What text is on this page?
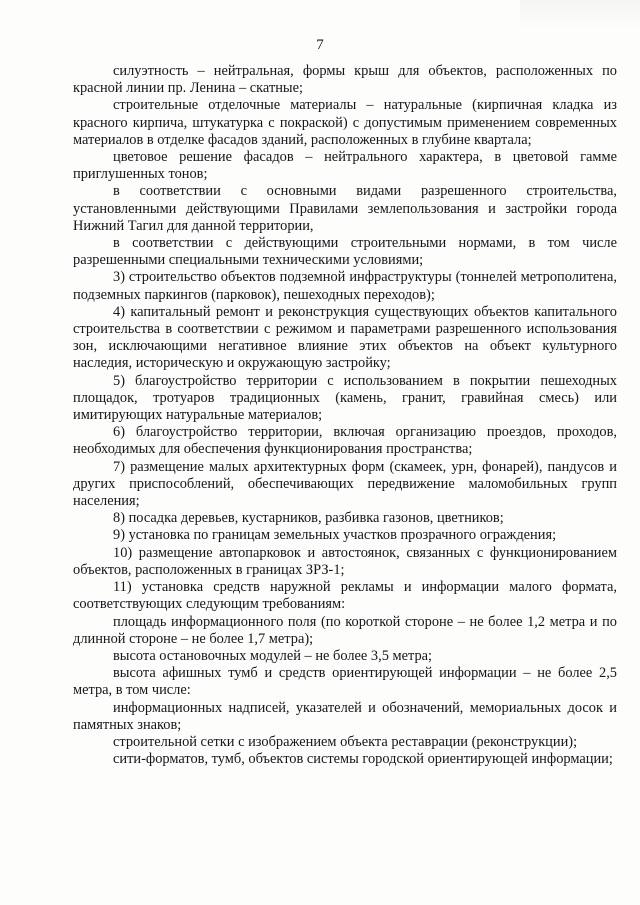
7

силуэтность – нейтральная, формы крыш для объектов, расположенных по красной линии пр. Ленина – скатные;

строительные отделочные материалы – натуральные (кирпичная кладка из красного кирпича, штукатурка с покраской) с допустимым применением современных материалов в отделке фасадов зданий, расположенных в глубине квартала;

цветовое решение фасадов – нейтрального характера, в цветовой гамме приглушенных тонов;

в соответствии с основными видами разрешенного строительства, установленными действующими Правилами землепользования и застройки города Нижний Тагил для данной территории,

в соответствии с действующими строительными нормами, в том числе разрешенными специальными техническими условиями;

3) строительство объектов подземной инфраструктуры (тоннелей метрополитена, подземных паркингов (парковок), пешеходных переходов);

4) капитальный ремонт и реконструкция существующих объектов капитального строительства в соответствии с режимом и параметрами разрешенного использования зон, исключающими негативное влияние этих объектов на объект культурного наследия, историческую и окружающую застройку;

5) благоустройство территории с использованием в покрытии пешеходных площадок, тротуаров традиционных (камень, гранит, гравийная смесь) или имитирующих натуральные материалов;

6) благоустройство территории, включая организацию проездов, проходов, необходимых для обеспечения функционирования пространства;

7) размещение малых архитектурных форм (скамеек, урн, фонарей), пандусов и других приспособлений, обеспечивающих передвижение маломобильных групп населения;

8) посадка деревьев, кустарников, разбивка газонов, цветников;

9) установка по границам земельных участков прозрачного ограждения;

10) размещение автопарковок и автостоянок, связанных с функционированием объектов, расположенных в границах ЗРЗ-1;

11) установка средств наружной рекламы и информации малого формата, соответствующих следующим требованиям:

площадь информационного поля (по короткой стороне – не более 1,2 метра и по длинной стороне – не более 1,7 метра);

высота остановочных модулей – не более 3,5 метра;

высота афишных тумб и средств ориентирующей информации – не более 2,5 метра, в том числе:

информационных надписей, указателей и обозначений, мемориальных досок и памятных знаков;

строительной сетки с изображением объекта реставрации (реконструкции);

сити-форматов, тумб, объектов системы городской ориентирующей информации;
